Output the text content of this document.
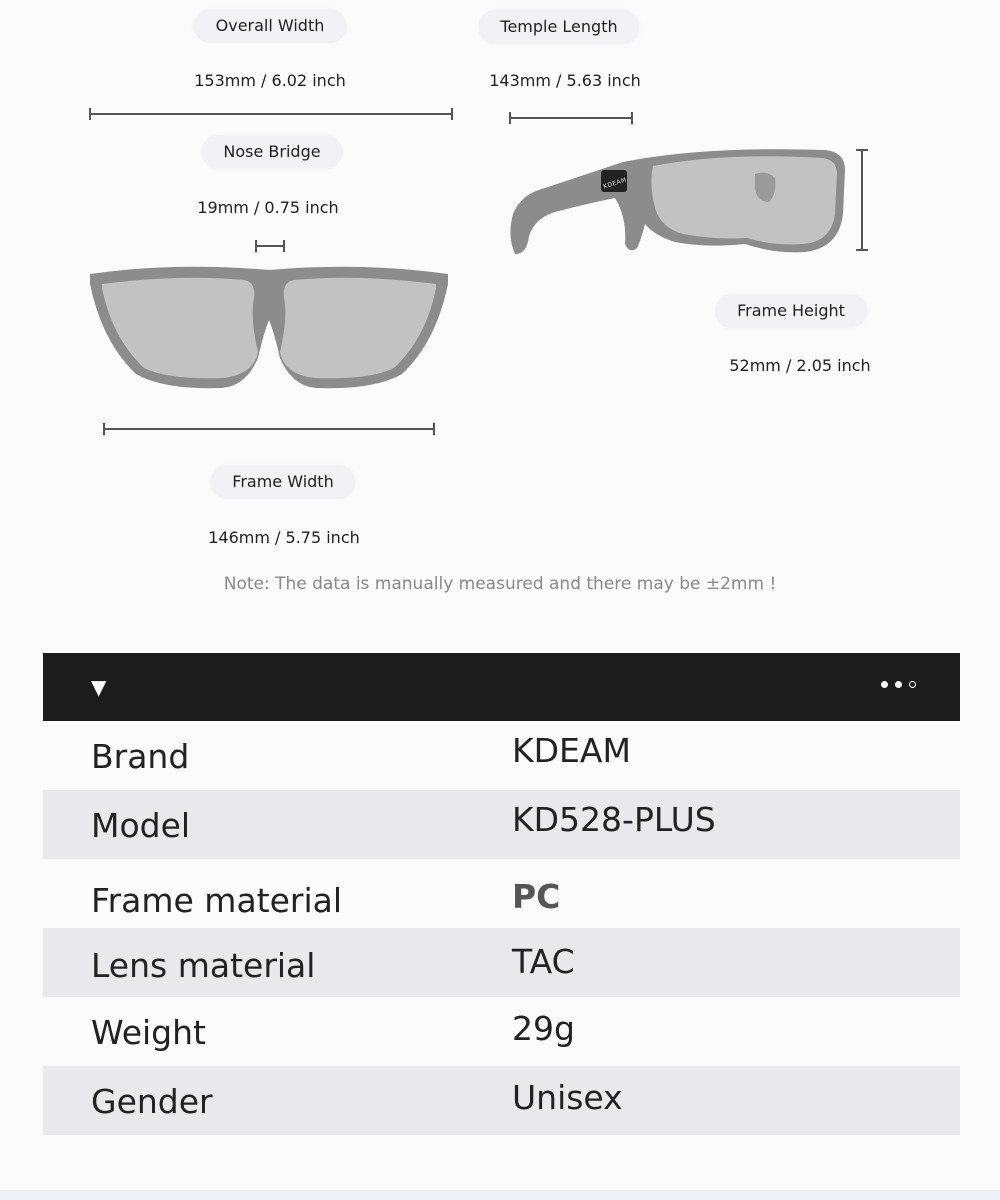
Overall Width
153mm / 6.02 inch
Temple Length
143mm / 5.63 inch
Nose Bridge
19mm / 0.75 inch
KDEAM
Frame Height
52mm / 2.05 inch
Frame Width
146mm / 5.75 inch
Note: The data is manually measured and there may be ±2mm !
▼
Brand	KDEAM
Model	KD528-PLUS
Frame material	PC
Lens material	TAC
Weight	29g
Gender	Unisex
